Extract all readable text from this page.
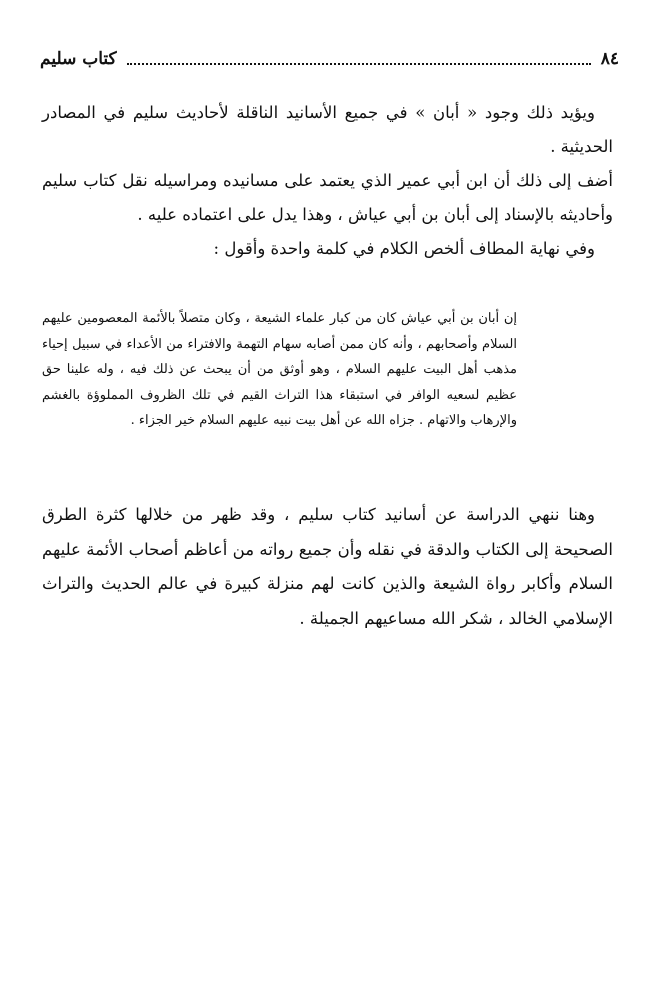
٨٤
كتاب سليم

ويؤيد ذلك وجود « أبان » في جميع الأسانيد الناقلة لأحاديث سليم في المصادر الحديثية .

أضف إلى ذلك أن ابن أبي عمير الذي يعتمد على مسانيده ومراسيله نقل كتاب سليم وأحاديثه بالإسناد إلى أبان بن أبي عياش ، وهذا يدل على اعتماده عليه .

وفي نهاية المطاف ألخص الكلام في كلمة واحدة وأقول :

إن أبان بن أبي عياش كان من كبار علماء الشيعة ، وكان متصلاً بالأئمة المعصومين عليهم السلام وأصحابهم ، وأنه كان ممن أصابه سهام التهمة والافتراء من الأعداء في سبيل إحياء مذهب أهل البيت عليهم السلام ، وهو أوثق من أن يبحث عن ذلك فيه ، وله علينا حق عظيم لسعيه الوافر في استبقاء هذا التراث القيم في تلك الظروف المملوؤة بالغشم والإرهاب والاتهام . جزاه الله عن أهل بيت نبيه عليهم السلام خير الجزاء .

وهنا ننهي الدراسة عن أسانيد كتاب سليم ، وقد ظهر من خلالها كثرة الطرق الصحيحة إلى الكتاب والدقة في نقله وأن جميع رواته من أعاظم أصحاب الأئمة عليهم السلام وأكابر رواة الشيعة والذين كانت لهم منزلة كبيرة في عالم الحديث والتراث الإسلامي الخالد ، شكر الله مساعيهم الجميلة .
